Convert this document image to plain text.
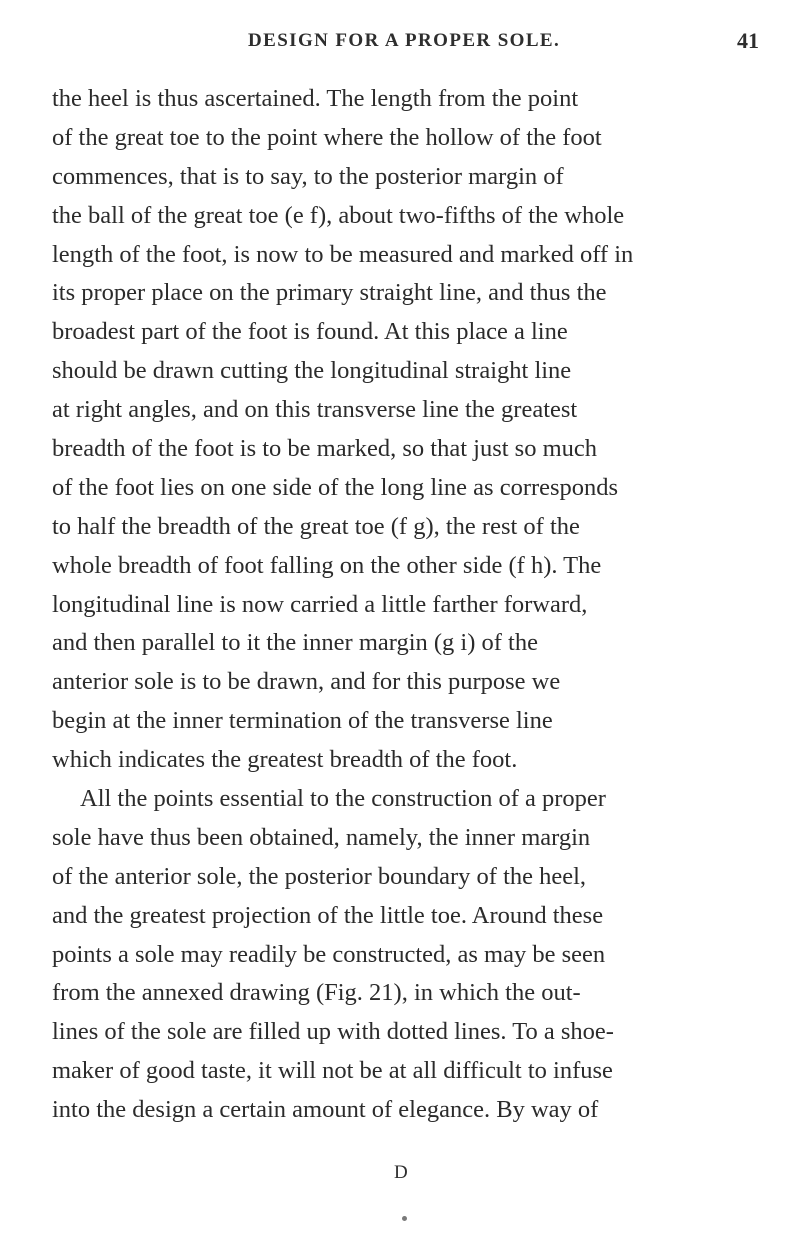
DESIGN FOR A PROPER SOLE.	41
the heel is thus ascertained. The length from the point
of the great toe to the point where the hollow of the foot
commences, that is to say, to the posterior margin of
the ball of the great toe (e f), about two-fifths of the whole
length of the foot, is now to be measured and marked off in
its proper place on the primary straight line, and thus the
broadest part of the foot is found. At this place a line
should be drawn cutting the longitudinal straight line
at right angles, and on this transverse line the greatest
breadth of the foot is to be marked, so that just so much
of the foot lies on one side of the long line as corresponds
to half the breadth of the great toe (f g), the rest of the
whole breadth of foot falling on the other side (f h). The
longitudinal line is now carried a little farther forward,
and then parallel to it the inner margin (g i) of the
anterior sole is to be drawn, and for this purpose we
begin at the inner termination of the transverse line
which indicates the greatest breadth of the foot.
All the points essential to the construction of a proper
sole have thus been obtained, namely, the inner margin
of the anterior sole, the posterior boundary of the heel,
and the greatest projection of the little toe. Around these
points a sole may readily be constructed, as may be seen
from the annexed drawing (Fig. 21), in which the out-
lines of the sole are filled up with dotted lines. To a shoe-
maker of good taste, it will not be at all difficult to infuse
into the design a certain amount of elegance. By way of
D
